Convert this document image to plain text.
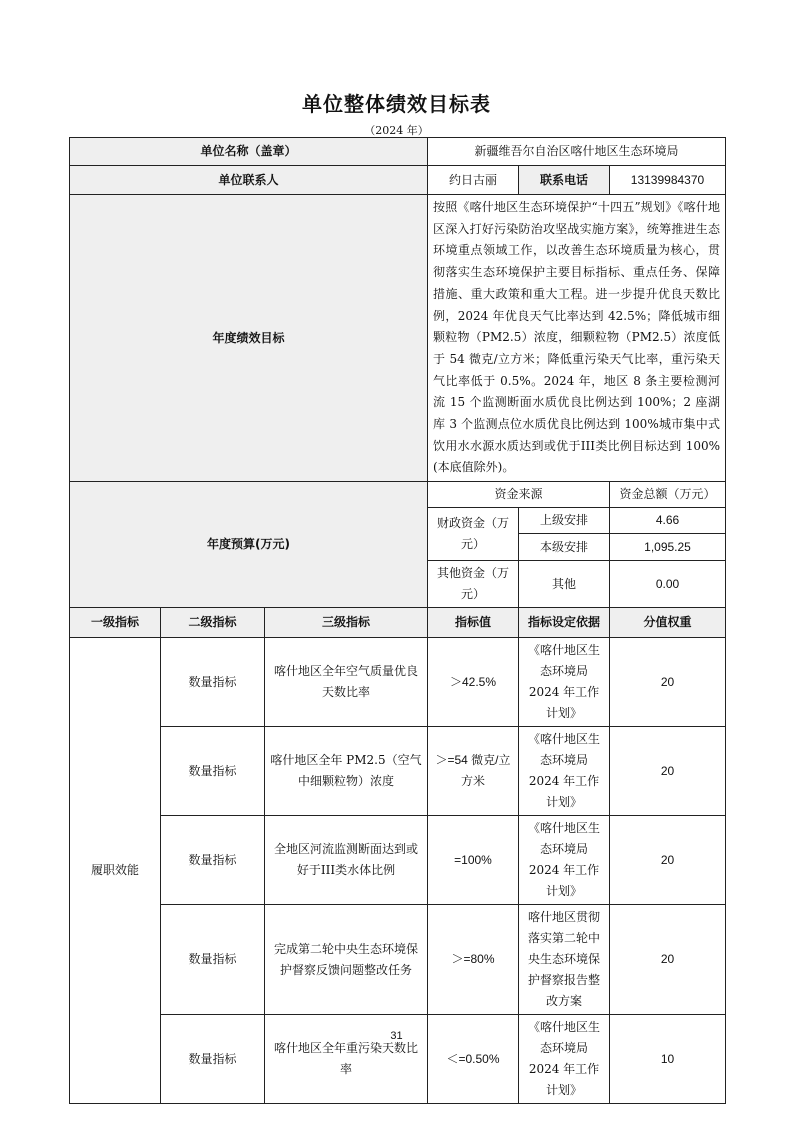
单位整体绩效目标表
（2024 年）
单位名称（盖章）			新疆维吾尔自治区喀什地区生态环境局		
单位联系人			约日古丽	联系电话	13139984370
年度绩效目标			按照《喀什地区生态环境保护“十四五”规划》《喀什地区深入打好污染防治攻坚战实施方案》，统筹推进生态环境重点领域工作，以改善生态环境质量为核心，贯彻落实生态环境保护主要目标指标、重点任务、保障措施、重大政策和重大工程。进一步提升优良天数比例，2024 年优良天气比率达到 42.5%；降低城市细颗粒物（PM2.5）浓度，细颗粒物（PM2.5）浓度低于 54 微克/立方米；降低重污染天气比率，重污染天气比率低于 0.5%。2024 年，地区 8 条主要检测河流 15 个监测断面水质优良比例达到 100%；2 座湖库 3 个监测点位水质优良比例达到 100%城市集中式饮用水水源水质达到或优于III类比例目标达到 100%(本底值除外)。		
年度预算(万元)			资金来源		资金总额（万元）
			财政资金（万元）	上级安排	4.66
				本级安排	1,095.25
			其他资金（万元）	其他	0.00
一级指标	二级指标	三级指标	指标值	指标设定依据	分值权重
履职效能	数量指标	喀什地区全年空气质量优良天数比率	＞42.5%	《喀什地区生态环境局 2024 年工作计划》	20
	数量指标	喀什地区全年 PM2.5（空气中细颗粒物）浓度	＞=54 微克/立方米	《喀什地区生态环境局 2024 年工作计划》	20
	数量指标	全地区河流监测断面达到或好于III类水体比例	=100%	《喀什地区生态环境局 2024 年工作计划》	20
	数量指标	完成第二轮中央生态环境保护督察反馈问题整改任务	＞=80%	喀什地区贯彻落实第二轮中央生态环境保护督察报告整改方案	20
	数量指标	喀什地区全年重污染天数比率	＜=0.50%	《喀什地区生态环境局 2024 年工作计划》	10
31
